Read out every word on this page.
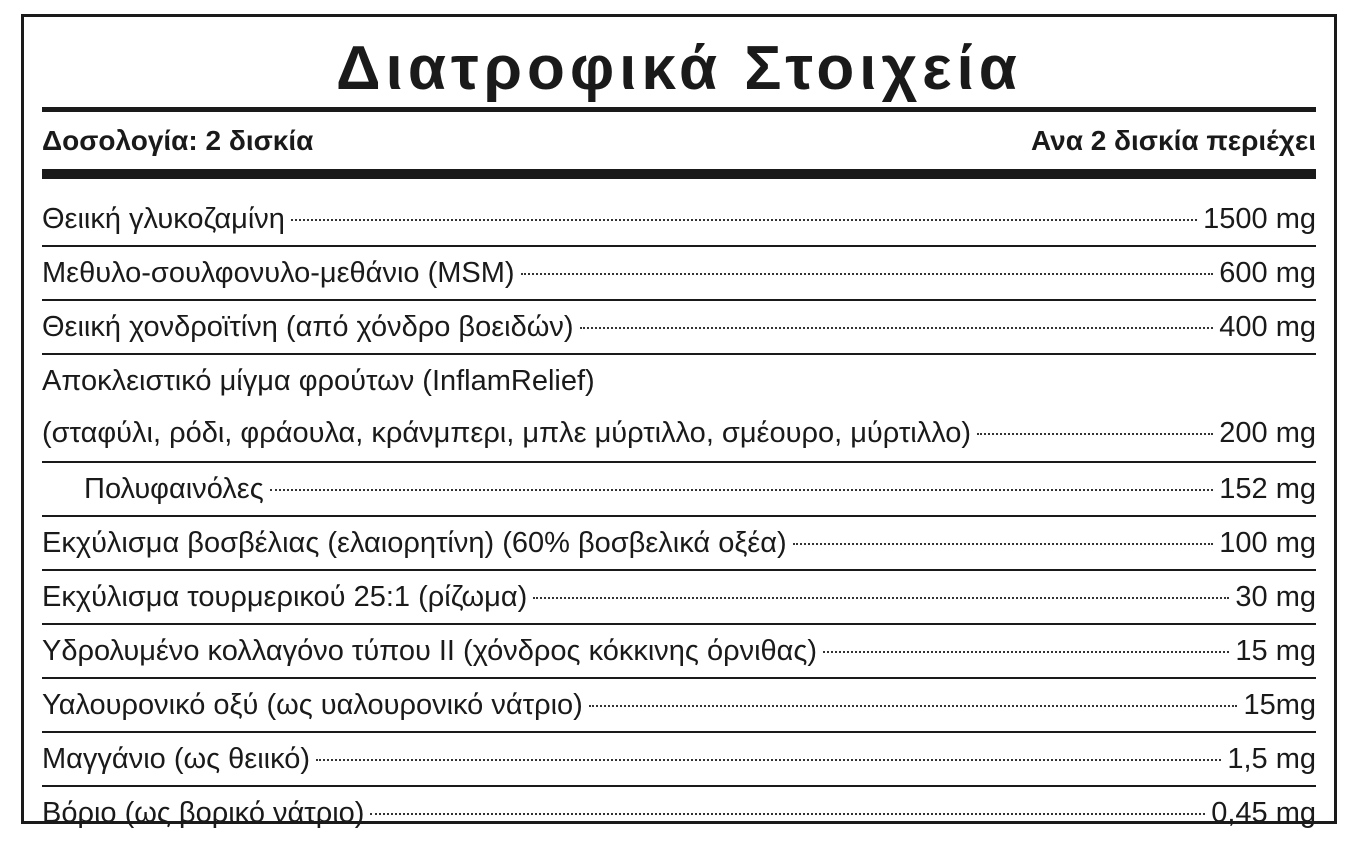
Διατροφικά Στοιχεία
Δοσολογία: 2 δισκία	Ανα 2 δισκία περιέχει
Θειική γλυκοζαμίνη	1500 mg
Μεθυλο-σουλφονυλο-μεθάνιο (MSM)	600 mg
Θειική χονδροϊτίνη (από χόνδρο βοειδών)	400 mg
Αποκλειστικό μίγμα φρούτων (InflamRelief)
(σταφύλι, ρόδι, φράουλα, κράνμπερι, μπλε μύρτιλλο, σμέουρο, μύρτιλλο)	200 mg
Πολυφαινόλες	152 mg
Εκχύλισμα βοσβέλιας (ελαιορητίνη) (60% βοσβελικά οξέα)	100 mg
Εκχύλισμα τουρμερικού 25:1 (ρίζωμα)	30 mg
Υδρολυμένο κολλαγόνο τύπου II (χόνδρος κόκκινης όρνιθας)	15 mg
Υαλουρονικό οξύ (ως υαλουρονικό νάτριο)	15mg
Μαγγάνιο (ως θειικό)	1,5 mg
Βόριο (ως βορικό νάτριο)	0,45 mg
